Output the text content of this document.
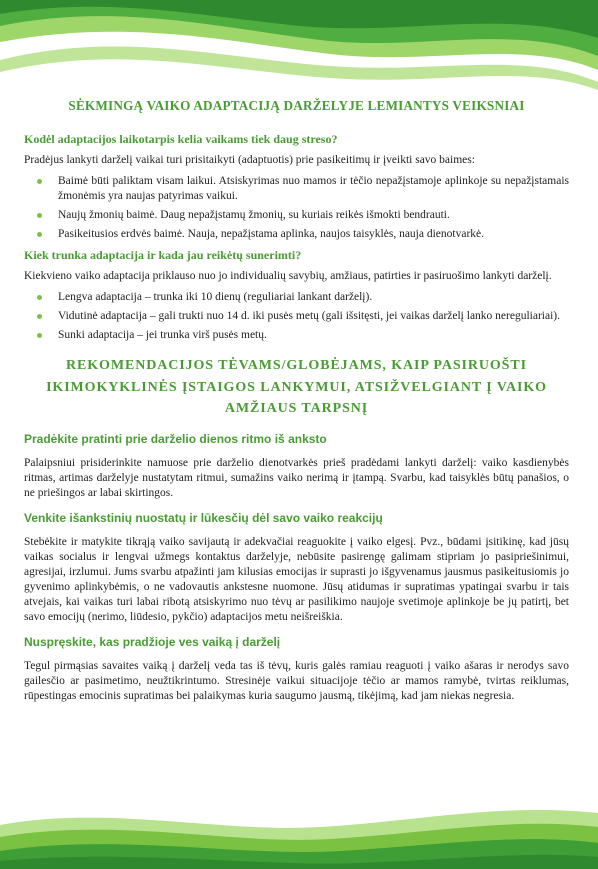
SĖKMINGĄ VAIKO ADAPTACIJĄ DARŽELYJE LEMIANTYS VEIKSNIAI
Kodėl adaptacijos laikotarpis kelia vaikams tiek daug streso?

Pradėjus lankyti darželį vaikai turi prisitaikyti (adaptuotis) prie pasikeitimų ir įveikti savo baimes:

Baimė būti paliktam visam laikui. Atsiskyrimas nuo mamos ir tėčio nepažįstamoje aplinkoje su nepažįstamais žmonėmis yra naujas patyrimas vaikui.
Naujų žmonių baimė. Daug nepažįstamų žmonių, su kuriais reikės išmokti bendrauti.
Pasikeitusios erdvės baimė. Nauja, nepažįstama aplinka, naujos taisyklės, nauja dienotvarkė.
Kiek trunka adaptacija ir kada jau reikėtų sunerimti?

Kiekvieno vaiko adaptacija priklauso nuo jo individualių savybių, amžiaus, patirties ir pasiruošimo lankyti darželį.

Lengva adaptacija – trunka iki 10 dienų (reguliariai lankant darželį).
Vidutinė adaptacija – gali trukti nuo 14 d. iki pusės metų (gali išsitęsti, jei vaikas darželį lanko nereguliariai).
Sunki adaptacija – jei trunka virš pusės metų.
REKOMENDACIJOS TĖVAMS/GLOBĖJAMS, KAIP PASIRUOŠTI IKIMOKYKLINĖS ĮSTAIGOS LANKYMUI, ATSIŽVELGIANT Į VAIKO AMŽIAUS TARPSNĮ
Pradėkite pratinti prie darželio dienos ritmo iš anksto

Palaipsniui prisiderinkite namuose prie darželio dienotvarkės prieš pradėdami lankyti darželį: vaiko kasdienybės ritmas, artimas darželyje nustatytam ritmui, sumažins vaiko nerimą ir įtampą. Svarbu, kad taisyklės būtų panašios, o ne priešingos ar labai skirtingos.

Venkite išankstinių nuostatų ir lūkesčių dėl savo vaiko reakcijų

Stebėkite ir matykite tikrąją vaiko savijautą ir adekvačiai reaguokite į vaiko elgesį. Pvz., būdami įsitikinę, kad jūsų vaikas socialus ir lengvai užmegs kontaktus darželyje, nebūsite pasirengę galimam stipriam jo pasipriešinimui, agresijai, irzlumui. Jums svarbu atpažinti jam kilusias emocijas ir suprasti jo išgyvenamus jausmus pasikeitusiomis jo gyvenimo aplinkybėmis, o ne vadovautis ankstesne nuomone. Jūsų atidumas ir supratimas ypatingai svarbu ir tais atvejais, kai vaikas turi labai ribotą atsiskyrimo nuo tėvų ar pasilikimo naujoje svetimoje aplinkoje be jų patirtį, bet savo emocijų (nerimo, liūdesio, pykčio) adaptacijos metu neišreiškia.

Nuspręskite, kas pradžioje ves vaiką į darželį

Tegul pirmąsias savaites vaiką į darželį veda tas iš tėvų, kuris galės ramiau reaguoti į vaiko ašaras ir nerodys savo gailesčio ar pasimetimo, neužtikrintumo. Stresinėje vaikui situacijoje tėčio ar mamos ramybė, tvirtas reiklumas, rūpestingas emocinis supratimas bei palaikymas kuria saugumo jausmą, tikėjimą, kad jam niekas negresia.
